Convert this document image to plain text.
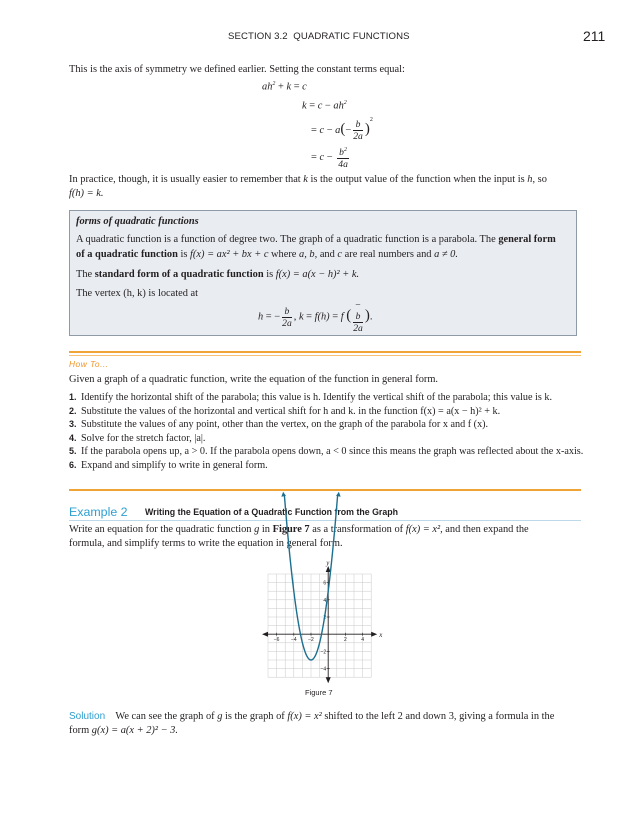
SECTION 3.2 QUADRATIC FUNCTIONS	211
This is the axis of symmetry we defined earlier. Setting the constant terms equal:
$ah^2 + k = c$
$k = c - ah^2$
= $c - a(- \frac{b}{2a} )^2$
= $c - \frac{b^2}{4a}$
In practice, though, it is usually easier to remember that k is the output value of the function when the input is h, so
f(h) = k.
forms of quadratic functions
A quadratic function is a function of degree two. The graph of a quadratic function is a parabola. The general form
of a quadratic function is f(x) = ax² + bx + c where a, b, and c are real numbers and a ≠ 0.
The standard form of a quadratic function is f(x) = a(x − h)² + k.
The vertex (h, k) is located at
h = − $\frac{b}{2a}$ , k = f(h) = f ( −
b
2a ).
How To...
Given a graph of a quadratic function, write the equation of the function in general form.
1. Identify the horizontal shift of the parabola; this value is h. Identify the vertical shift of the parabola; this value is k.
2. Substitute the values of the horizontal and vertical shift for h and k. in the function f(x) = a(x − h)² + k.
3. Substitute the values of any point, other than the vertex, on the graph of the parabola for x and f (x).
4. Solve for the stretch factor, |a|.
5. If the parabola opens up, a > 0. If the parabola opens down, a < 0 since this means the graph was reflected about the x-axis.
6. Expand and simplify to write in general form.
Example 2 Writing the Equation of a Quadratic Function from the Graph
Write an equation for the quadratic function g in Figure 7 as a transformation of f(x) = x², and then expand the
formula, and simplify terms to write the equation in general form.
x
y
−6 −4 −2	2	4
6
4
2
−2
−4
Figure 7
Solution We can see the graph of g is the graph of f(x) = x² shifted to the left 2 and down 3, giving a formula in the
form g(x) = a(x + 2)² − 3.
